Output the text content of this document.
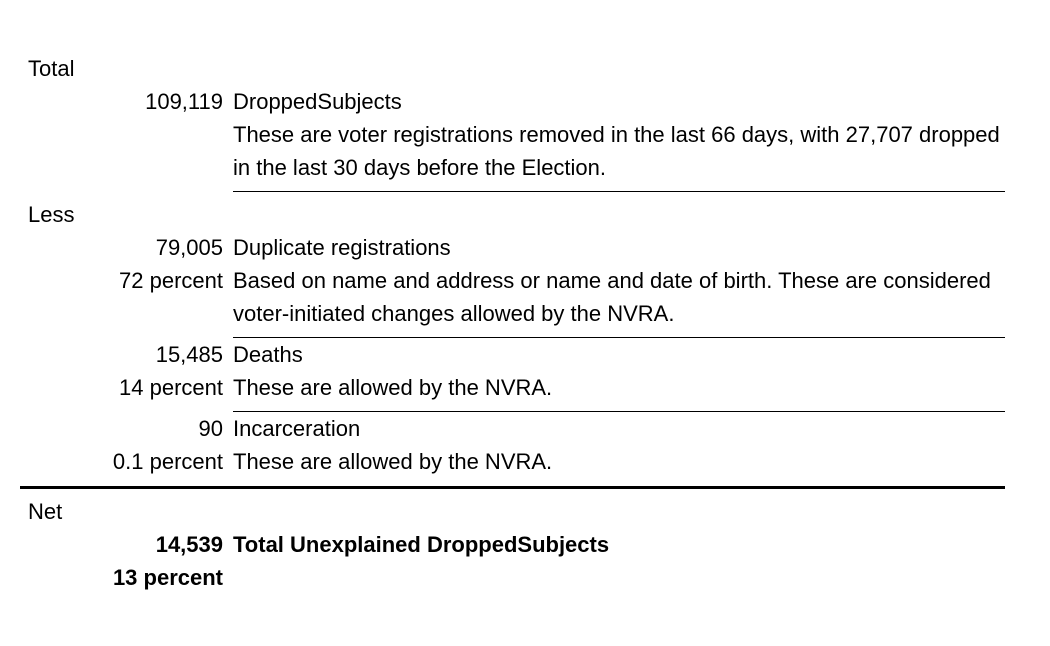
Total
109,119 DroppedSubjects
These are voter registrations removed in the last 66 days, with 27,707 dropped in the last 30 days before the Election.
Less
79,005
72 percent
Duplicate registrations
Based on name and address or name and date of birth. These are considered voter-initiated changes allowed by the NVRA.
15,485
14 percent
Deaths
These are allowed by the NVRA.
90
0.1 percent
Incarceration
These are allowed by the NVRA.
Net
14,539
13 percent
Total Unexplained DroppedSubjects
